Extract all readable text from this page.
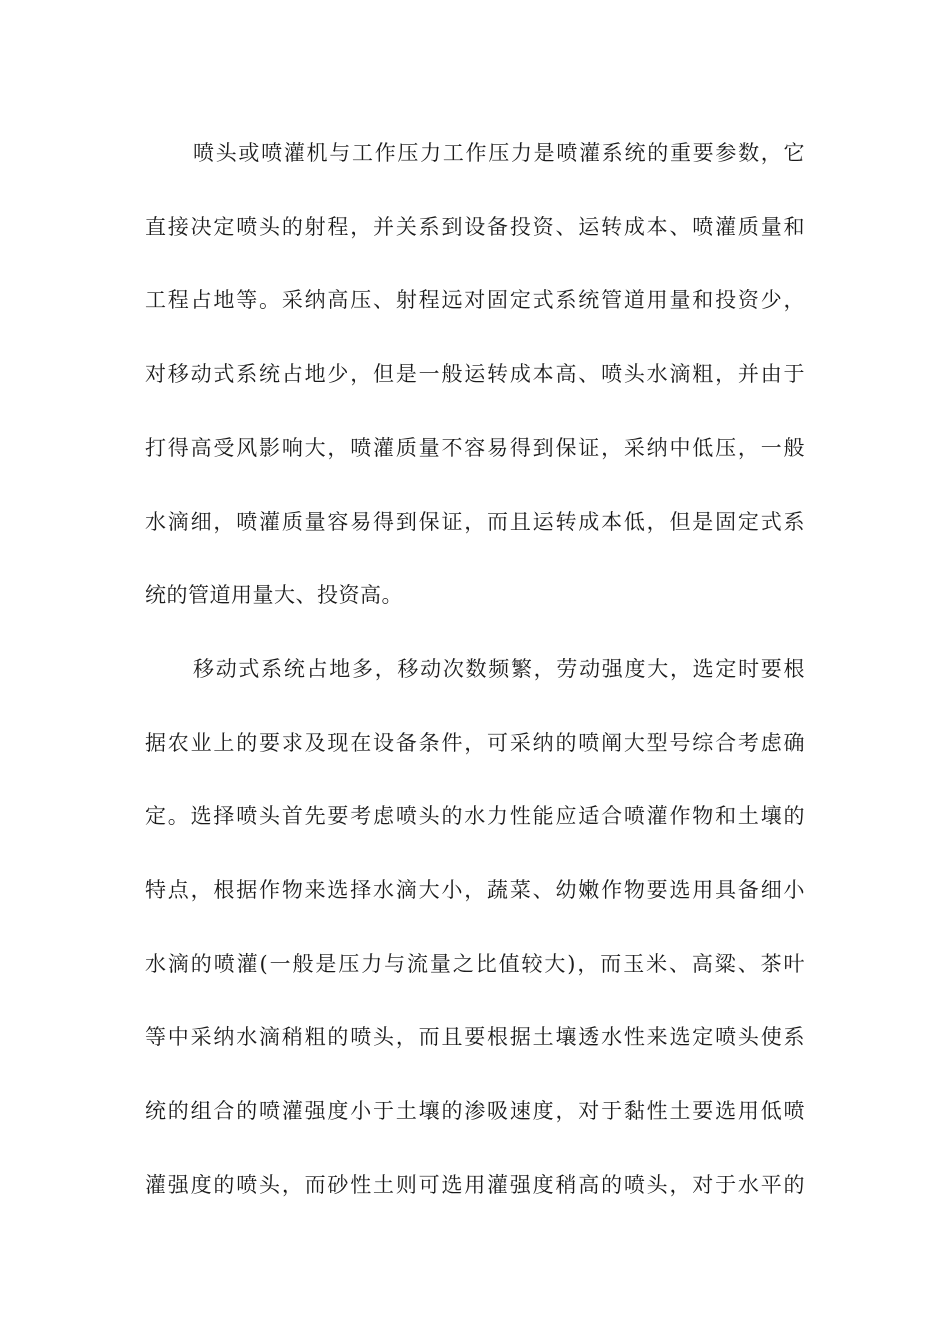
喷头或喷灌机与工作压力工作压力是喷灌系统的重要参数，它
直接决定喷头的射程，并关系到设备投资、运转成本、喷灌质量和
工程占地等。采纳高压、射程远对固定式系统管道用量和投资少，
对移动式系统占地少，但是一般运转成本高、喷头水滴粗，并由于
打得高受风影响大，喷灌质量不容易得到保证，采纳中低压，一般
水滴细，喷灌质量容易得到保证，而且运转成本低，但是固定式系
统的管道用量大、投资高。
移动式系统占地多，移动次数频繁，劳动强度大，选定时要根
据农业上的要求及现在设备条件，可采纳的喷阐大型号综合考虑确
定。选择喷头首先要考虑喷头的水力性能应适合喷灌作物和土壤的
特点，根据作物来选择水滴大小，蔬菜、幼嫩作物要选用具备细小
水滴的喷灌(一般是压力与流量之比值较大)，而玉米、高粱、茶叶
等中采纳水滴稍粗的喷头，而且要根据土壤透水性来选定喷头使系
统的组合的喷灌强度小于土壤的渗吸速度，对于黏性土要选用低喷
灌强度的喷头，而砂性土则可选用灌强度稍高的喷头，对于水平的
